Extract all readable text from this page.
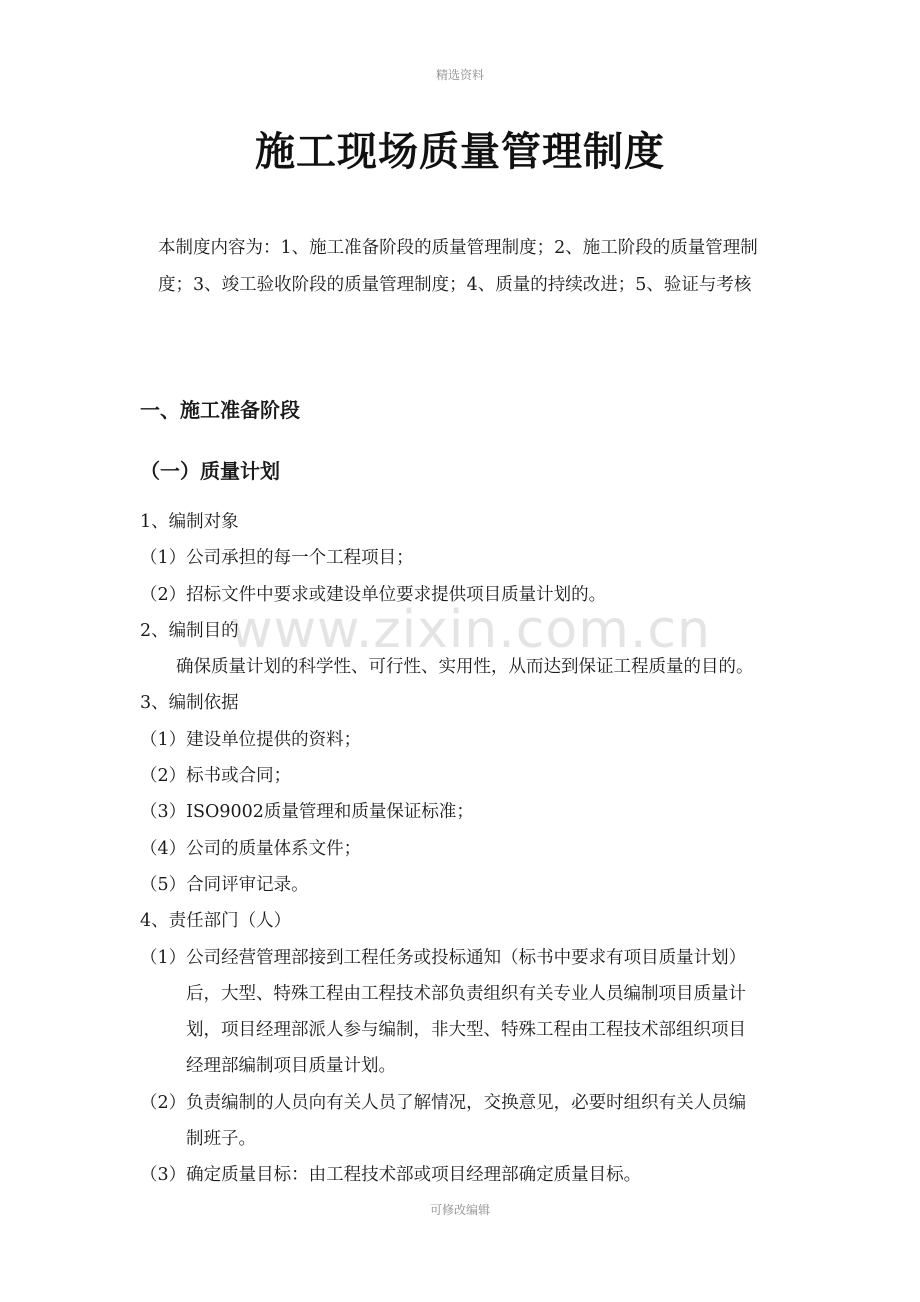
精选资料
www.zixin.com.cn
施工现场质量管理制度
本制度内容为：1、施工准备阶段的质量管理制度；2、施工阶段的质量管理制度；3、竣工验收阶段的质量管理制度；4、质量的持续改进；5、验证与考核
一、施工准备阶段
（一）质量计划
1、编制对象
（1）公司承担的每一个工程项目；
（2）招标文件中要求或建设单位要求提供项目质量计划的。
2、编制目的
确保质量计划的科学性、可行性、实用性，从而达到保证工程质量的目的。
3、编制依据
（1）建设单位提供的资料；
（2）标书或合同；
（3）ISO9002质量管理和质量保证标准；
（4）公司的质量体系文件；
（5）合同评审记录。
4、责任部门（人）
（1）公司经营管理部接到工程任务或投标通知（标书中要求有项目质量计划）
后，大型、特殊工程由工程技术部负责组织有关专业人员编制项目质量计
划，项目经理部派人参与编制，非大型、特殊工程由工程技术部组织项目
经理部编制项目质量计划。
（2）负责编制的人员向有关人员了解情况，交换意见，必要时组织有关人员编
制班子。
（3）确定质量目标：由工程技术部或项目经理部确定质量目标。
可修改编辑
